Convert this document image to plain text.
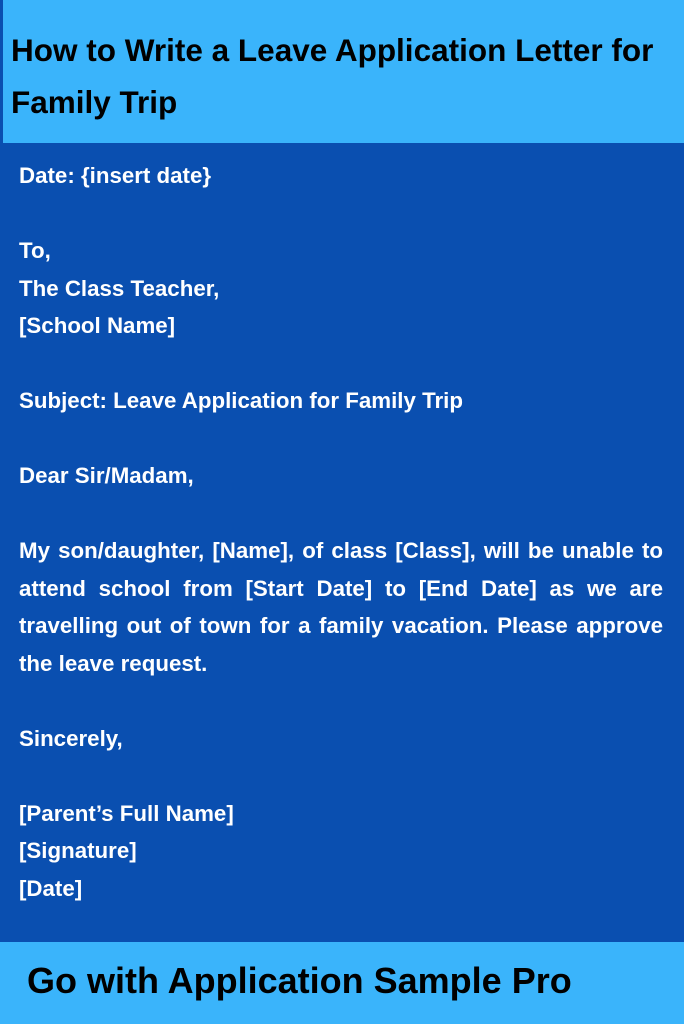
How to Write a Leave Application Letter for Family Trip
Date: {insert date}
To,
The Class Teacher,
[School Name]
Subject: Leave Application for Family Trip
Dear Sir/Madam,
My son/daughter, [Name], of class [Class], will be unable to attend school from [Start Date] to [End Date] as we are travelling out of town for a family vacation. Please approve the leave request.
Sincerely,
[Parent’s Full Name]
[Signature]
[Date]

Go with Application Sample Pro
